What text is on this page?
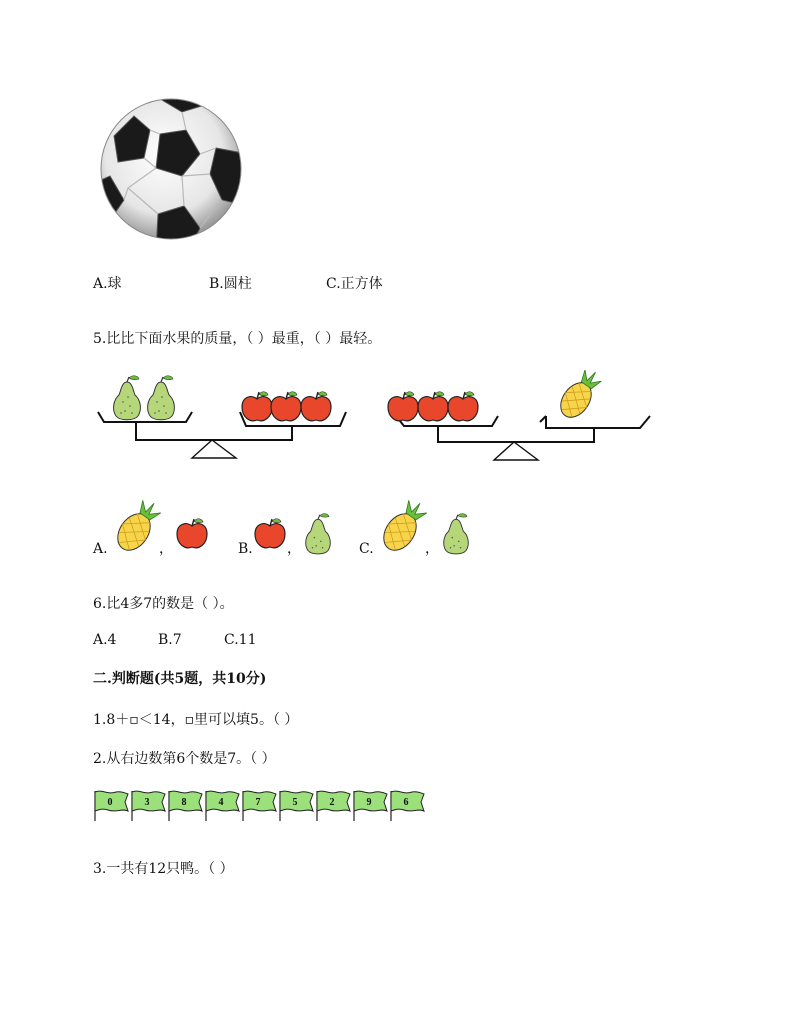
A.球	B.圆柱	C.正方体
5.比比下面水果的质量，（ ）最重，（ ）最轻。
A.	，	B. ，	C.	，
6.比4多7的数是（ ）。
A.4	B.7	C.11
二.判断题(共5题，共10分)
1.8＋▫＜14，▫里可以填5。（ ）
2.从右边数第6个数是7。（ ）
0	3	8	4	7	5	2	9	6
3.一共有12只鸭。（ ）
